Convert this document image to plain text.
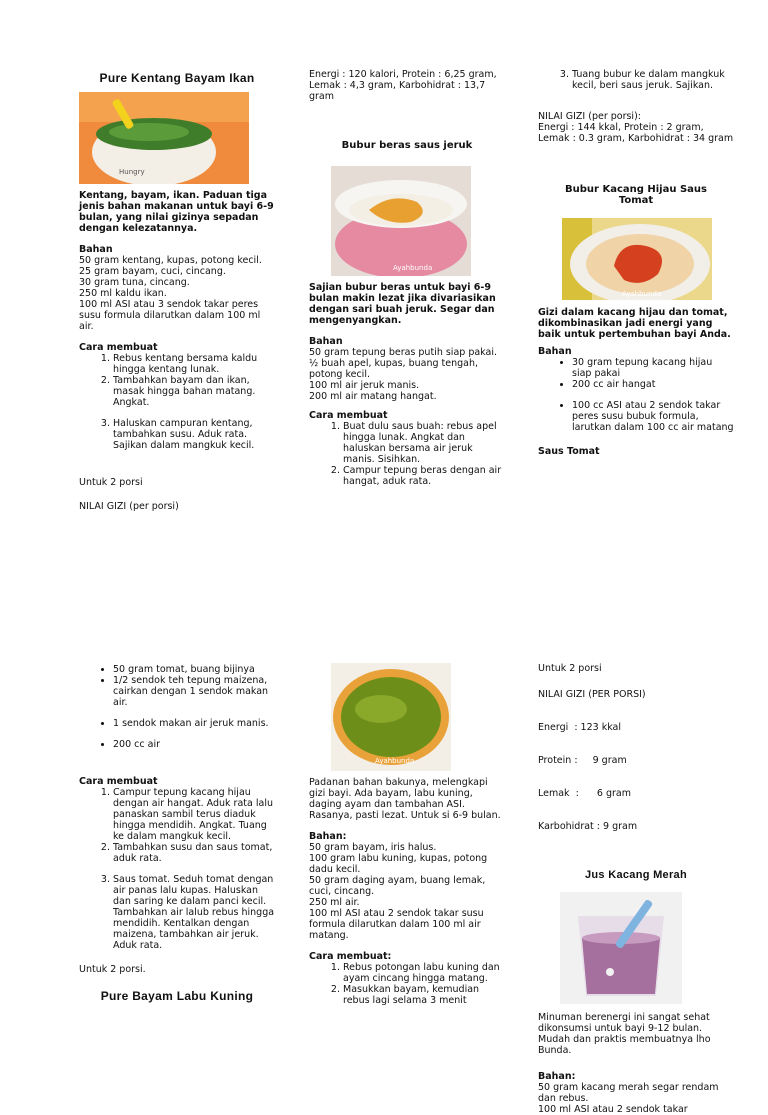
Pure Kentang Bayam Ikan
Hungry

Kentang, bayam, ikan. Paduan tiga jenis bahan makanan untuk bayi 6-9 bulan, yang nilai gizinya sepadan dengan kelezatannya.

Bahan

50 gram kentang, kupas, potong kecil.
25 gram bayam, cuci, cincang.
30 gram tuna, cincang.
250 ml kaldu ikan.
100 ml ASI atau 3 sendok takar peres susu formula dilarutkan dalam 100 ml air.

Cara membuat
1. Rebus kentang bersama kaldu hingga kentang lunak.
2. Tambahkan bayam dan ikan, masak hingga bahan matang. Angkat.
3. Haluskan campuran kentang, tambahkan susu. Aduk rata. Sajikan dalam mangkuk kecil.

Untuk 2 porsi

NILAI GIZI (per porsi)

Energi : 120 kalori, Protein : 6,25 gram, Lemak : 4,3 gram, Karbohidrat : 13,7 gram

Bubur beras saus jeruk
Ayahbunda

Sajian bubur beras untuk bayi 6-9 bulan makin lezat jika divariasikan dengan sari buah jeruk. Segar dan mengenyangkan.

Bahan

50 gram tepung beras putih siap pakai.
½ buah apel, kupas, buang tengah, potong kecil.
100 ml air jeruk manis.
200 ml air matang hangat.

Cara membuat
1. Buat dulu saus buah: rebus apel hingga lunak. Angkat dan haluskan bersama air jeruk manis. Sisihkan.
2. Campur tepung beras dengan air hangat, aduk rata.
3. Tuang bubur ke dalam mangkuk kecil, beri saus jeruk. Sajikan.

NILAI GIZI (per porsi):
Energi : 144 kkal, Protein : 2 gram, Lemak : 0.3 gram, Karbohidrat : 34 gram

Bubur Kacang Hijau Saus Tomat
Ayahbunda

Gizi dalam kacang hijau dan tomat, dikombinasikan jadi energi yang baik untuk pertembuhan bayi Anda.

Bahan
• 30 gram tepung kacang hijau siap pakai
• 200 cc air hangat
• 100 cc ASI atau 2 sendok takar peres susu bubuk formula, larutkan dalam 100 cc air matang
Saus Tomat
• 50 gram tomat, buang bijinya
• 1/2 sendok teh tepung maizena, cairkan dengan 1 sendok makan air.
• 1 sendok makan air jeruk manis.
• 200 cc air
Cara membuat
1. Campur tepung kacang hijau dengan air hangat. Aduk rata lalu panaskan sambil terus diaduk hingga mendidih. Angkat. Tuang ke dalam mangkuk kecil.
2. Tambahkan susu dan saus tomat, aduk rata.
3. Saus tomat. Seduh tomat dengan air panas lalu kupas. Haluskan dan saring ke dalam panci kecil. Tambahkan air lalub rebus hingga mendidih. Kentalkan dengan maizena, tambahkan air jeruk. Aduk rata.

Untuk 2 porsi.

Pure Bayam Labu Kuning
Ayahbunda

Padanan bahan bakunya, melengkapi gizi bayi. Ada bayam, labu kuning, daging ayam dan tambahan ASI. Rasanya, pasti lezat. Untuk si 6-9 bulan.

Bahan:

50 gram bayam, iris halus.
100 gram labu kuning, kupas, potong dadu kecil.
50 gram daging ayam, buang lemak, cuci, cincang.
250 ml air.
100 ml ASI atau 2 sendok takar susu formula dilarutkan dalam 100 ml air matang.

Cara membuat:
1. Rebus potongan labu kuning dan ayam cincang hingga matang.
2. Masukkan bayam, kemudian rebus lagi selama 3 menit

Untuk 2 porsi

NILAI GIZI (PER PORSI)

Energi  : 123 kkal

Protein :     9 gram

Lemak  :      6 gram

Karbohidrat : 9 gram

Jus Kacang Merah

Minuman berenergi ini sangat sehat dikonsumsi untuk bayi 9-12 bulan. Mudah dan praktis membuatnya lho Bunda.

Bahan:

50 gram kacang merah segar rendam dan rebus.
100 ml ASI atau 2 sendok takar
